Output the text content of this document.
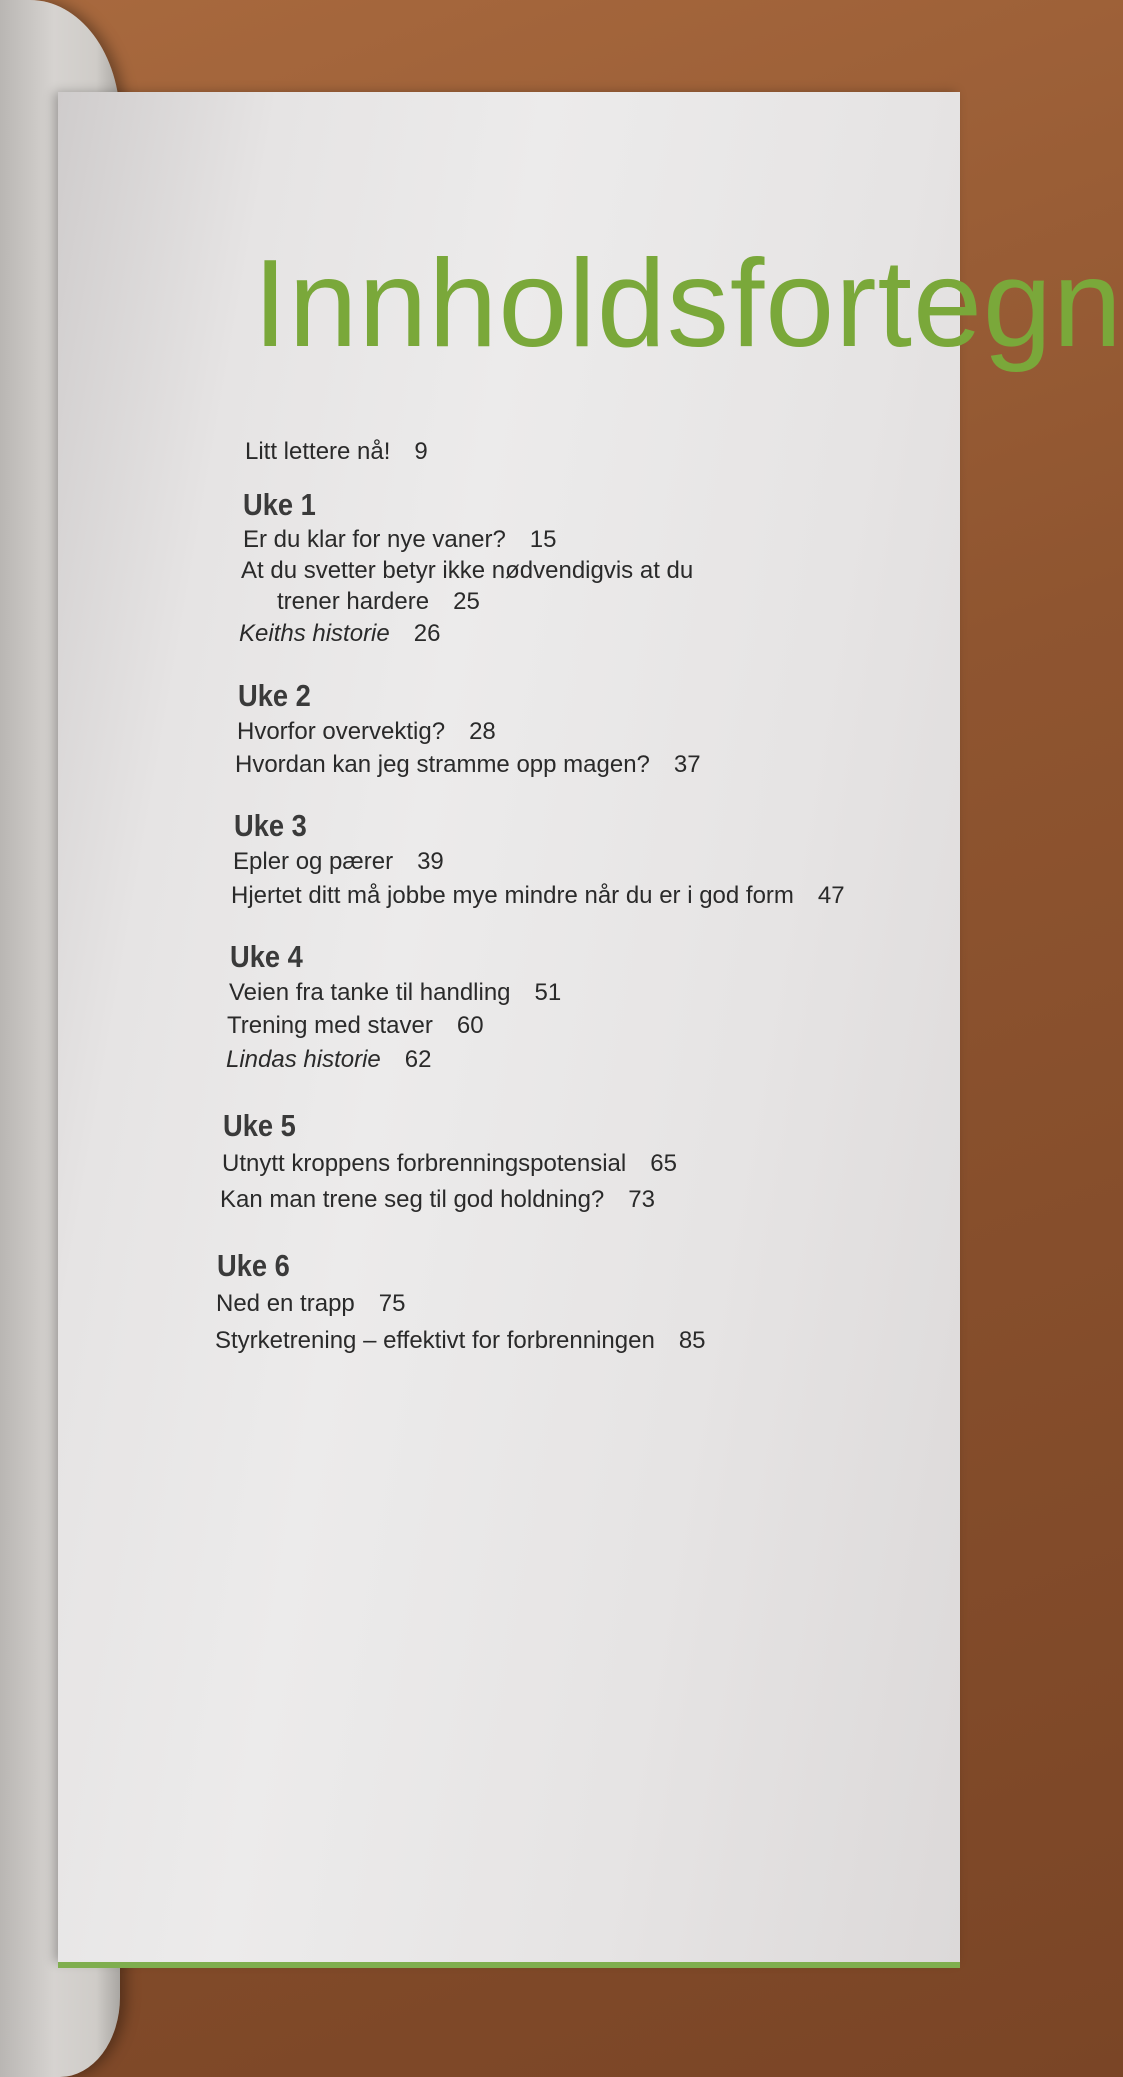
Innholdsfortegn
Litt lettere nå! 9
Uke 1
Er du klar for nye vaner? 15
At du svetter betyr ikke nødvendigvis at du
trener hardere 25
Keiths historie 26
Uke 2
Hvorfor overvektig? 28
Hvordan kan jeg stramme opp magen? 37
Uke 3
Epler og pærer 39
Hjertet ditt må jobbe mye mindre når du er i god form 47
Uke 4
Veien fra tanke til handling 51
Trening med staver 60
Lindas historie 62
Uke 5
Utnytt kroppens forbrenningspotensial 65
Kan man trene seg til god holdning? 73
Uke 6
Ned en trapp 75
Styrketrening – effektivt for forbrenningen 85
